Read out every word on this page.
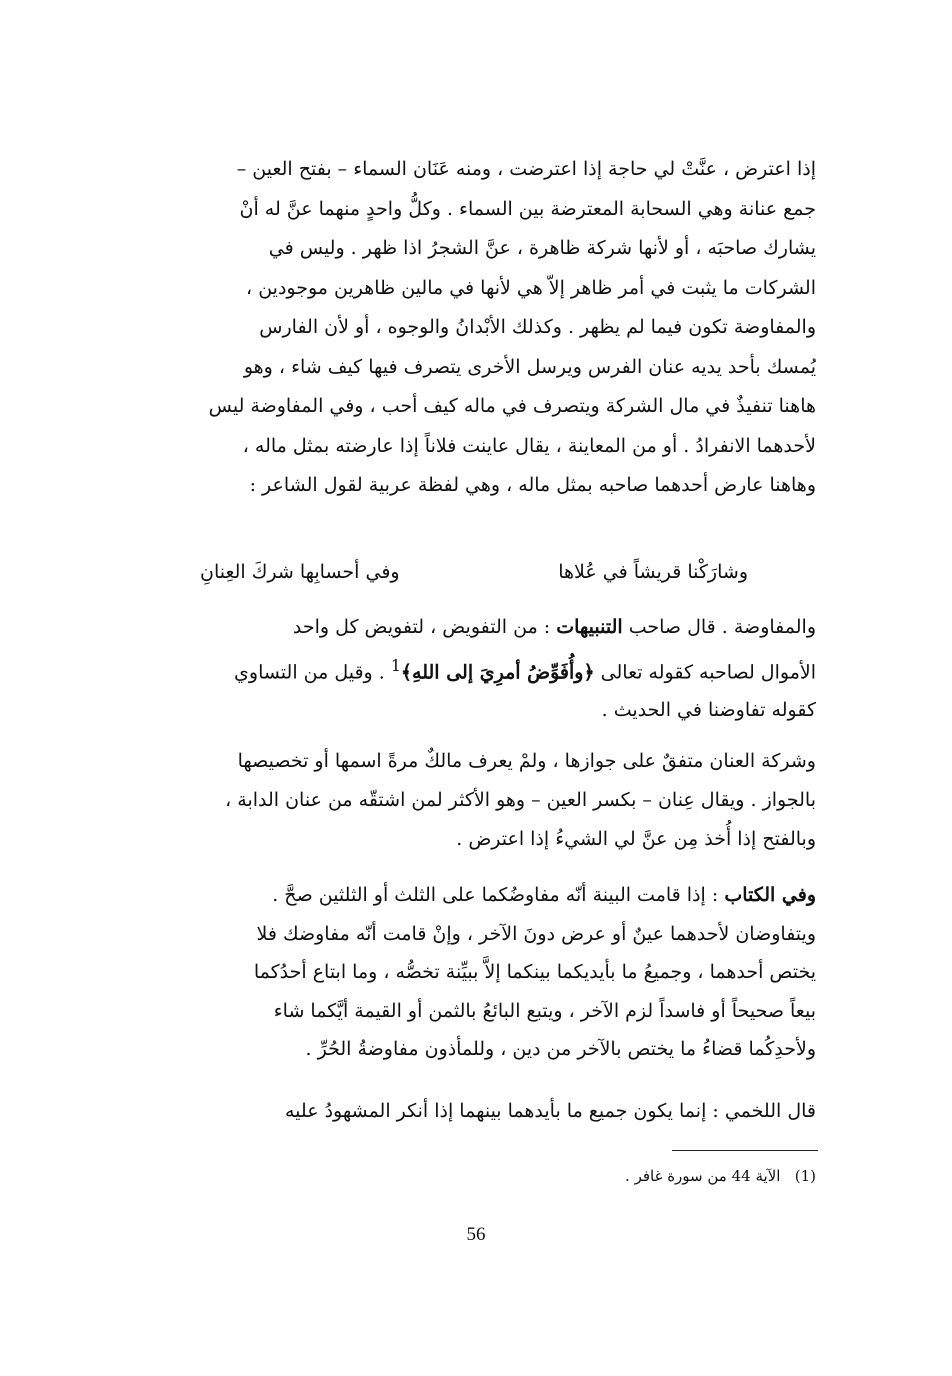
إذا اعترض ، عنَّتْ لي حاجة إذا اعترضت ، ومنه عَنَان السماء – بفتح العين –
جمع عنانة وهي السحابة المعترضة بين السماء . وكلُّ واحدٍ منهما عنَّ له أنْ
يشارك صاحبَه ، أو لأنها شركة ظاهرة ، عنَّ الشجرُ اذا ظهر . وليس في
الشركات ما يثبت في أمر ظاهر إلاّ هي لأنها في مالين ظاهرين موجودين ،
والمفاوضة تكون فيما لم يظهر . وكذلك الأبْدانُ والوجوه ، أو لأن الفارس
يُمسك بأحد يديه عنان الفرس ويرسل الأخرى يتصرف فيها كيف شاء ، وهو
هاهنا تنفيذٌ في مال الشركة ويتصرف في ماله كيف أحب ، وفي المفاوضة ليس
لأحدهما الانفرادُ . أو من المعاينة ، يقال عاينت فلاناً إذا عارضته بمثل ماله ،
وهاهنا عارض أحدهما صاحبه بمثل ماله ، وهي لفظة عربية لقول الشاعر :
وشارَكْنا قريشاً في عُلاها
وفي أحسابِها شركَ العِنانِ
والمفاوضة . قال صاحب التنبيهات : من التفويض ، لتفويض كل واحد
الأموال لصاحبه كقوله تعالى ﴿وأُفَوِّضُ أمرِيَ إلى اللهِ﴾$^1$ . وقيل من التساوي
كقوله تفاوضنا في الحديث .
وشركة العنان متفقٌ على جوازها ، ولمْ يعرف مالكٌ مرةً اسمها أو تخصيصها
بالجواز . ويقال عِنان – بكسر العين – وهو الأكثر لمن اشتقّه من عنان الدابة ،
وبالفتح إذا أُخذ مِن عنَّ لي الشيءُ إذا اعترض .
وفي الكتاب : إذا قامت البينة أنّه مفاوضُكما على الثلث أو الثلثين صحَّ .
ويتفاوضان لأحدهما عينٌ أو عرض دونَ الآخر ، وإنْ قامت أنّه مفاوضك فلا
يختص أحدهما ، وجميعُ ما بأيديكما بينكما إلاَّ ببيِّنة تخصُّه ، وما ابتاع أحدُكما
بيعاً صحيحاً أو فاسداً لزم الآخر ، ويتبع البائعُ بالثمن أو القيمة أيَّكما شاء
ولأحدِكُما قضاءُ ما يختص بالآخر من دين ، وللمأذون مفاوضةُ الحُرِّ .
قال اللخمي : إنما يكون جميع ما بأيدهما بينهما إذا أنكر المشهودُ عليه
(1)   الآية 44 من سورة غافر .
56
